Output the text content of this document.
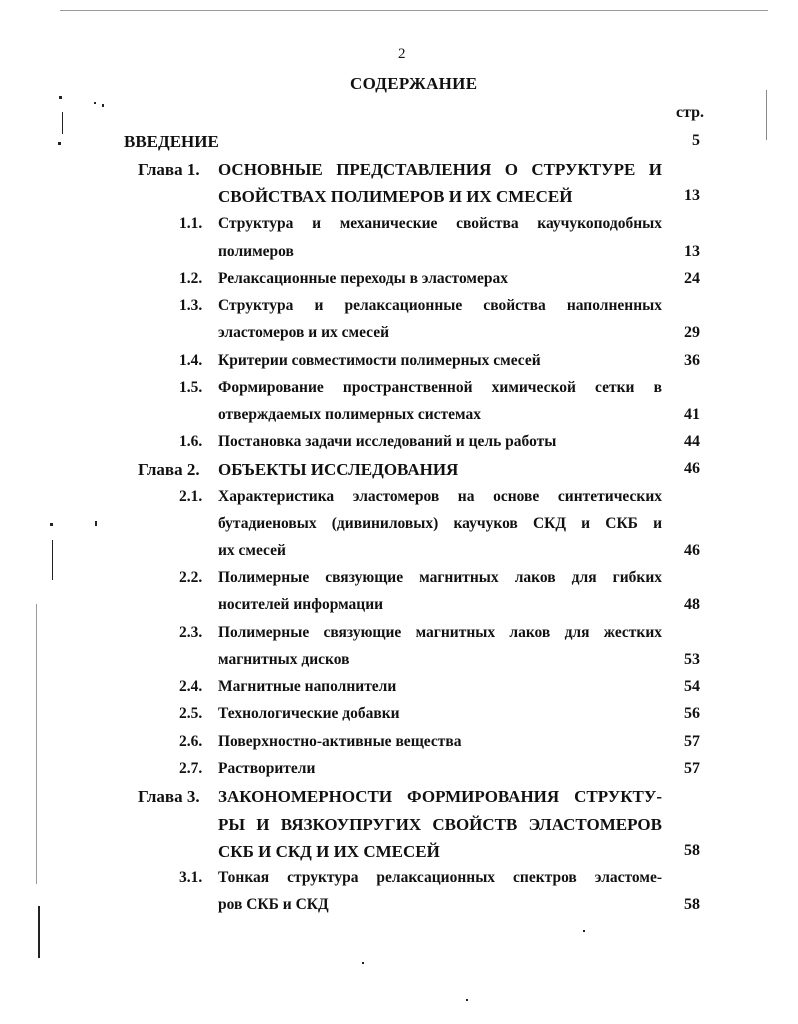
2
СОДЕРЖАНИЕ
стр.
ВВЕДЕНИЕ	5
Глава 1. ОСНОВНЫЕ ПРЕДСТАВЛЕНИЯ О СТРУКТУРЕ И
СВОЙСТВАХ ПОЛИМЕРОВ И ИХ СМЕСЕЙ	13
1.1. Структура и механические свойства каучукоподобных
полимеров	13
1.2. Релаксационные переходы в эластомерах	24
1.3. Структура и релаксационные свойства наполненных
эластомеров и их смесей	29
1.4. Критерии совместимости полимерных смесей	36
1.5. Формирование пространственной химической сетки в
отверждаемых полимерных системах	41
1.6. Постановка задачи исследований и цель работы	44
Глава 2. ОБЪЕКТЫ ИССЛЕДОВАНИЯ	46
2.1. Характеристика эластомеров на основе синтетических
бутадиеновых (дивиниловых) каучуков СКД и СКБ и
их смесей	46
2.2. Полимерные связующие магнитных лаков для гибких
носителей информации	48
2.3. Полимерные связующие магнитных лаков для жестких
магнитных дисков	53
2.4. Магнитные наполнители	54
2.5. Технологические добавки	56
2.6. Поверхностно-активные вещества	57
2.7. Растворители	57
Глава 3. ЗАКОНОМЕРНОСТИ ФОРМИРОВАНИЯ СТРУКТУ-
РЫ И ВЯЗКОУПРУГИХ СВОЙСТВ ЭЛАСТОМЕРОВ
СКБ И СКД И ИХ СМЕСЕЙ	58
3.1. Тонкая структура релаксационных спектров эластоме-
ров СКБ и СКД	58
